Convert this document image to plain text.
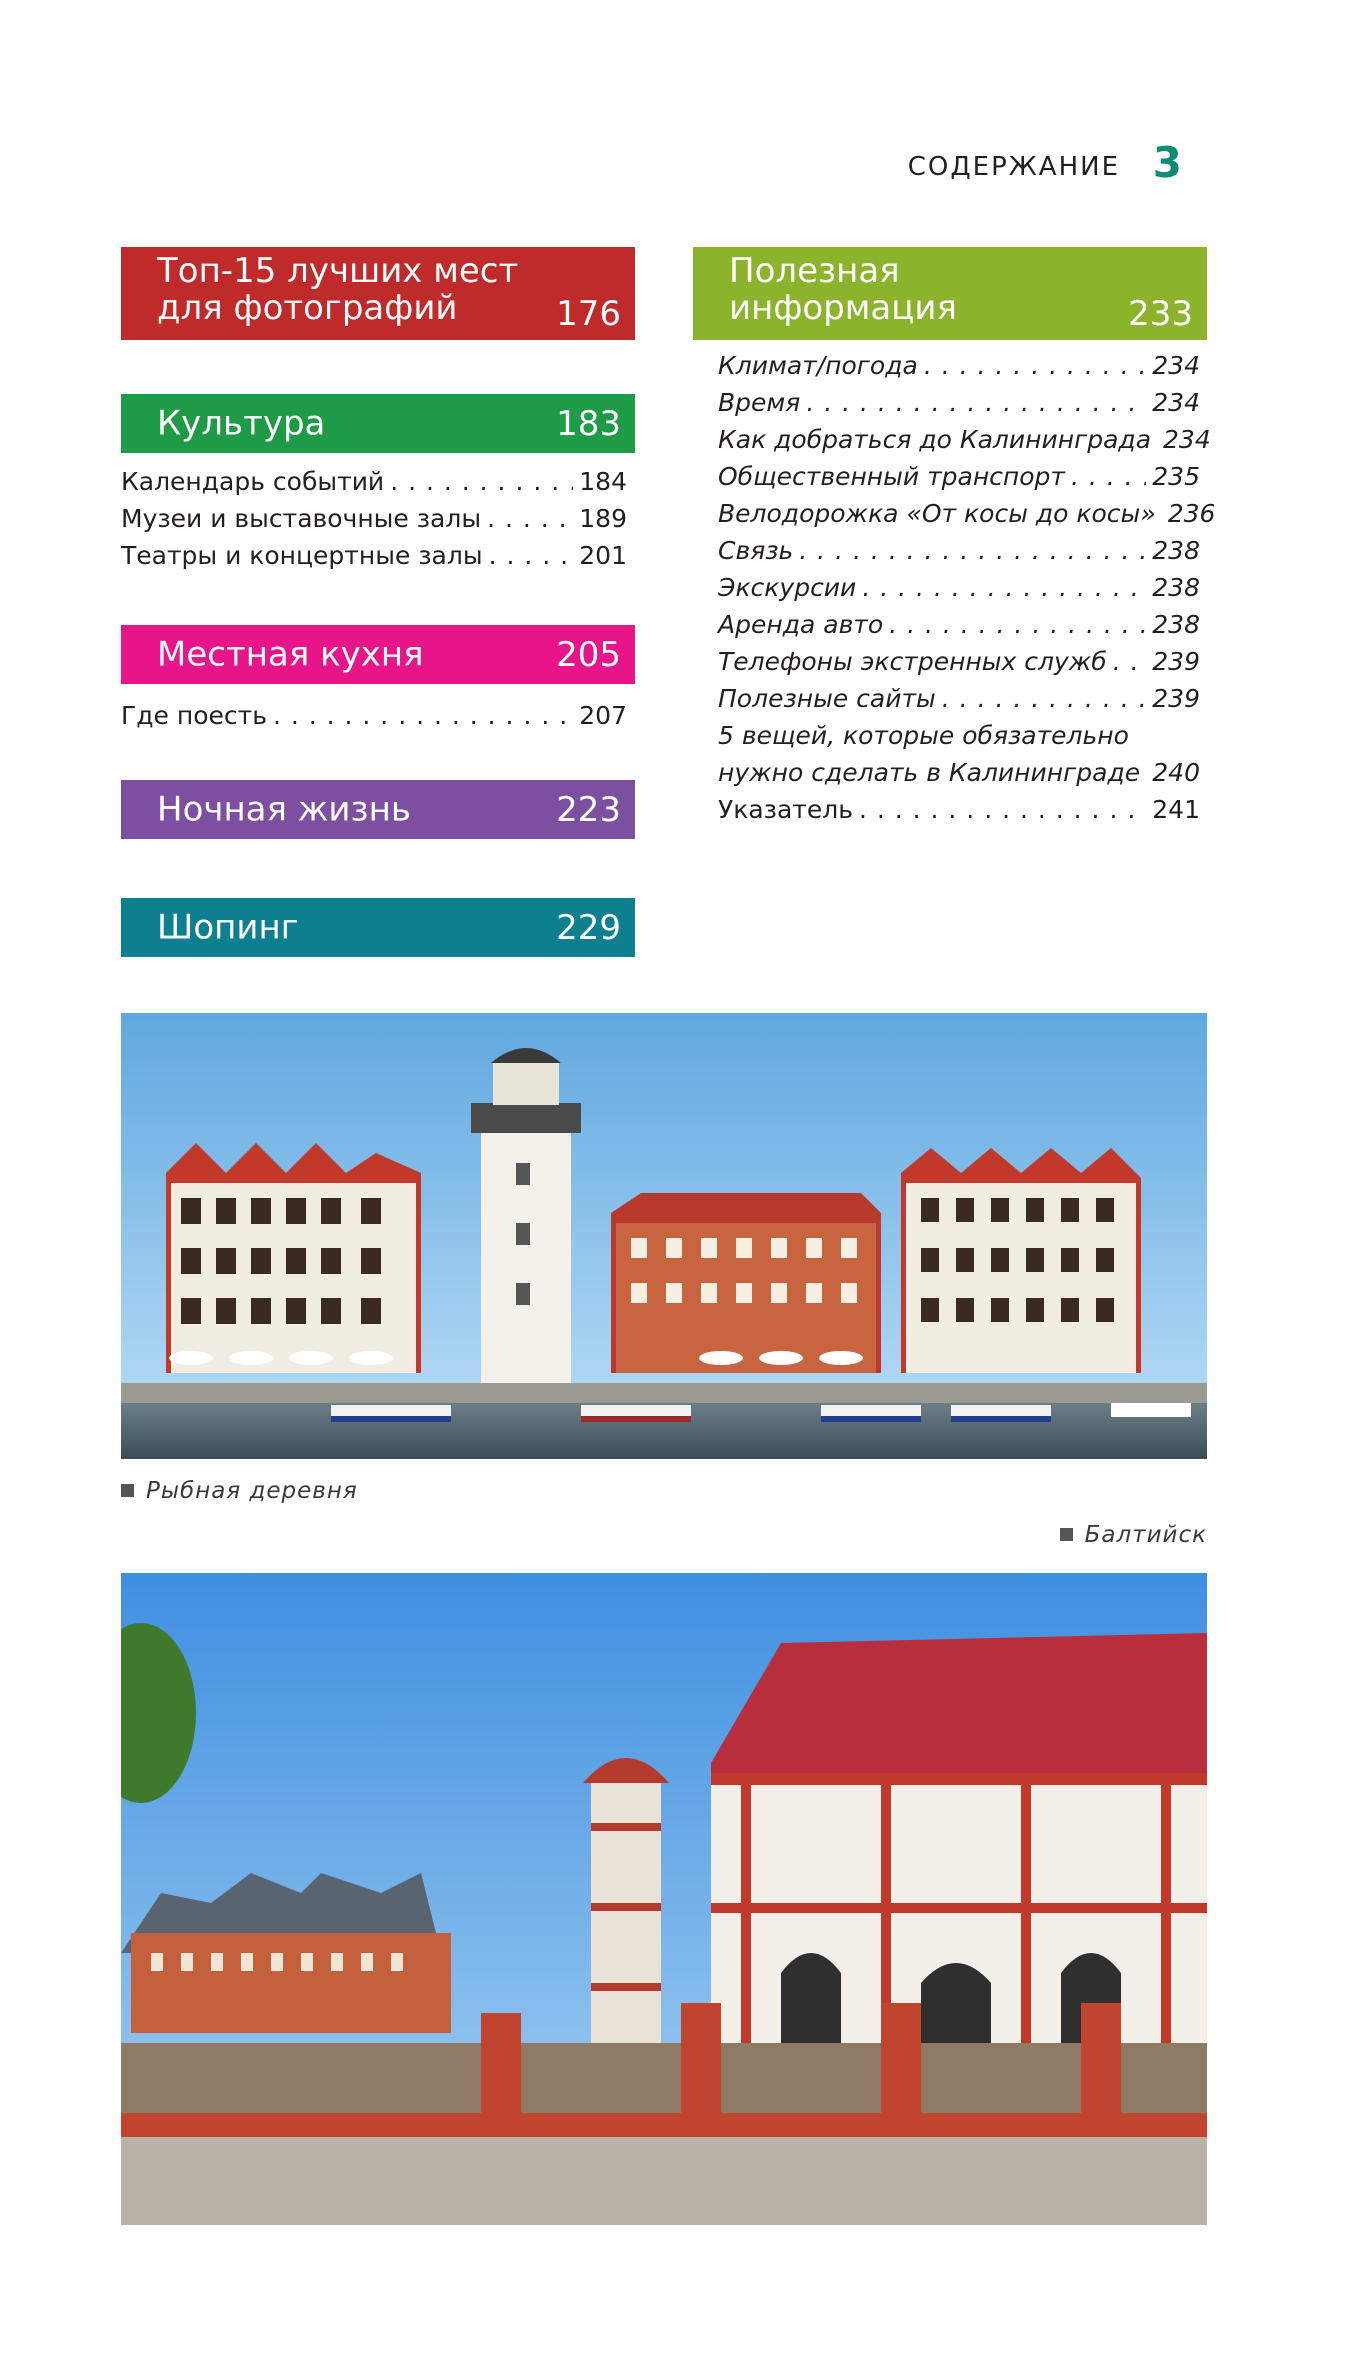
СОДЕРЖАНИЕ 3
Топ-15 лучших мест
для фотографий	176
Культура	183
Календарь событий . . .	184
Музеи и выставочные залы . . .	189
Театры и концертные залы . . .	201
Местная кухня	205
Где поесть . . .	207
Ночная жизнь	223
Шопинг	229
Полезная
информация	233
Климат/погода . . .	234
Время . . .	234
Как добраться до Калининграда 234
Общественный транспорт . . .	235
Велодорожка «От косы до косы» 236
Связь . . .	238
Экскурсии . . .	238
Аренда авто . . .	238
Телефоны экстренных служб . . . 239
Полезные сайты . . .	239
5 вещей, которые обязательно
нужно сделать в Калининграде . . . 240
Указатель . . .	241
Рыбная деревня
Балтийск
